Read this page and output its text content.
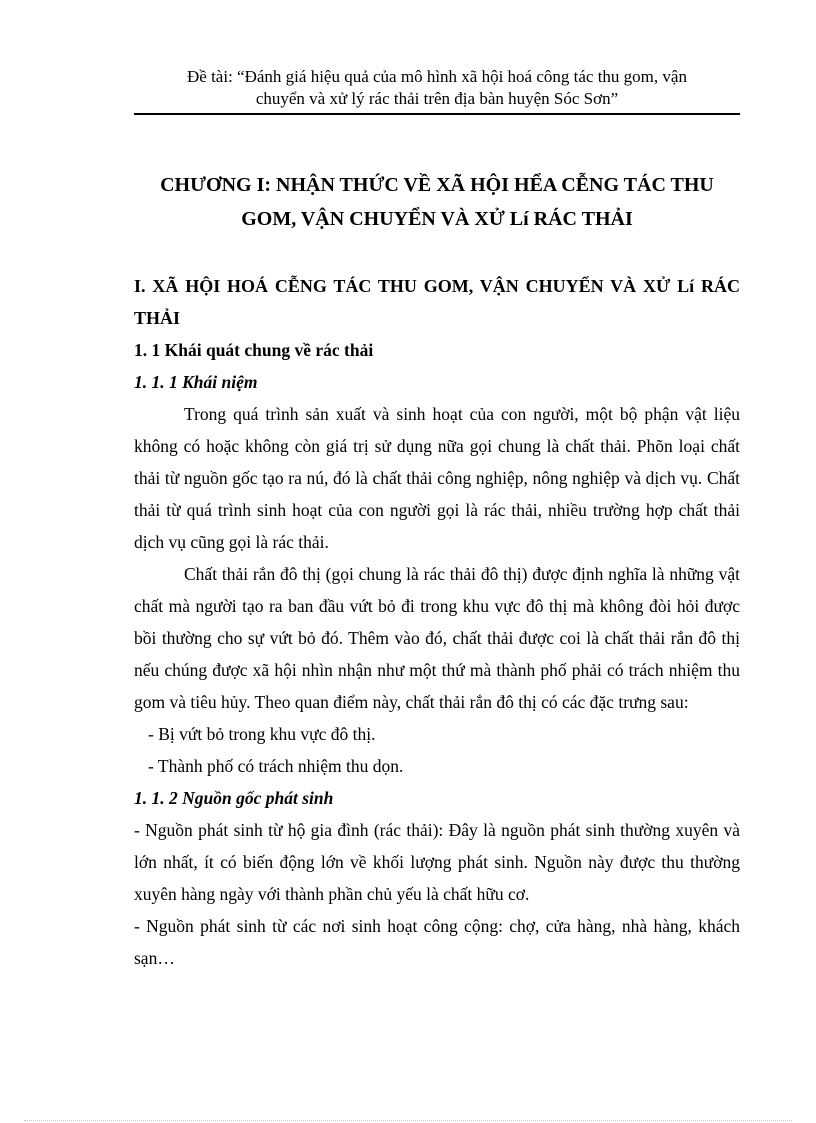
Đề tài: “Đánh giá hiệu quả của mô hình xã hội hoá công tác thu gom, vận
chuyển và xử lý rác thải trên địa bàn huyện Sóc Sơn”
CHƯƠNG I: NHẬN THỨC VỀ XÃ HỘI HỂA CỄNG TÁC THU
GOM, VẬN CHUYỂN VÀ XỬ Lí RÁC THẢI
I. XÃ HỘI HOÁ CỄNG TÁC THU GOM, VẬN CHUYỂN VÀ XỬ Lí RÁC THẢI
1. 1 Khái quát chung về rác thải
1. 1. 1 Khái niệm

Trong quá trình sản xuất và sinh hoạt của con người, một bộ phận vật liệu không có hoặc không còn giá trị sử dụng nữa gọi chung là chất thải. Phõn loại chất thải từ nguồn gốc tạo ra nú, đó là chất thải công nghiệp, nông nghiệp và dịch vụ. Chất thải từ quá trình sinh hoạt của con người gọi là rác thải, nhiều trường hợp chất thải dịch vụ cũng gọi là rác thải.

Chất thải rắn đô thị (gọi chung là rác thải đô thị) được định nghĩa là những vật chất mà người tạo ra ban đầu vứt bỏ đi trong khu vực đô thị mà không đòi hỏi được bồi thường cho sự vứt bỏ đó. Thêm vào đó, chất thải được coi là chất thải rắn đô thị nếu chúng được xã hội nhìn nhận như một thứ mà thành phố phải có trách nhiệm thu gom và tiêu hủy. Theo quan điểm này, chất thải rắn đô thị có các đặc trưng sau:

- Bị vứt bỏ trong khu vực đô thị.
- Thành phố có trách nhiệm thu dọn.
1. 1. 2 Nguồn gốc phát sinh

- Nguồn phát sinh từ hộ gia đình (rác thải): Đây là nguồn phát sinh thường xuyên và lớn nhất, ít có biến động lớn về khối lượng phát sinh. Nguồn này được thu thường xuyên hàng ngày với thành phần chủ yếu là chất hữu cơ.

- Nguồn phát sinh từ các nơi sinh hoạt công cộng: chợ, cửa hàng, nhà hàng, khách sạn…
